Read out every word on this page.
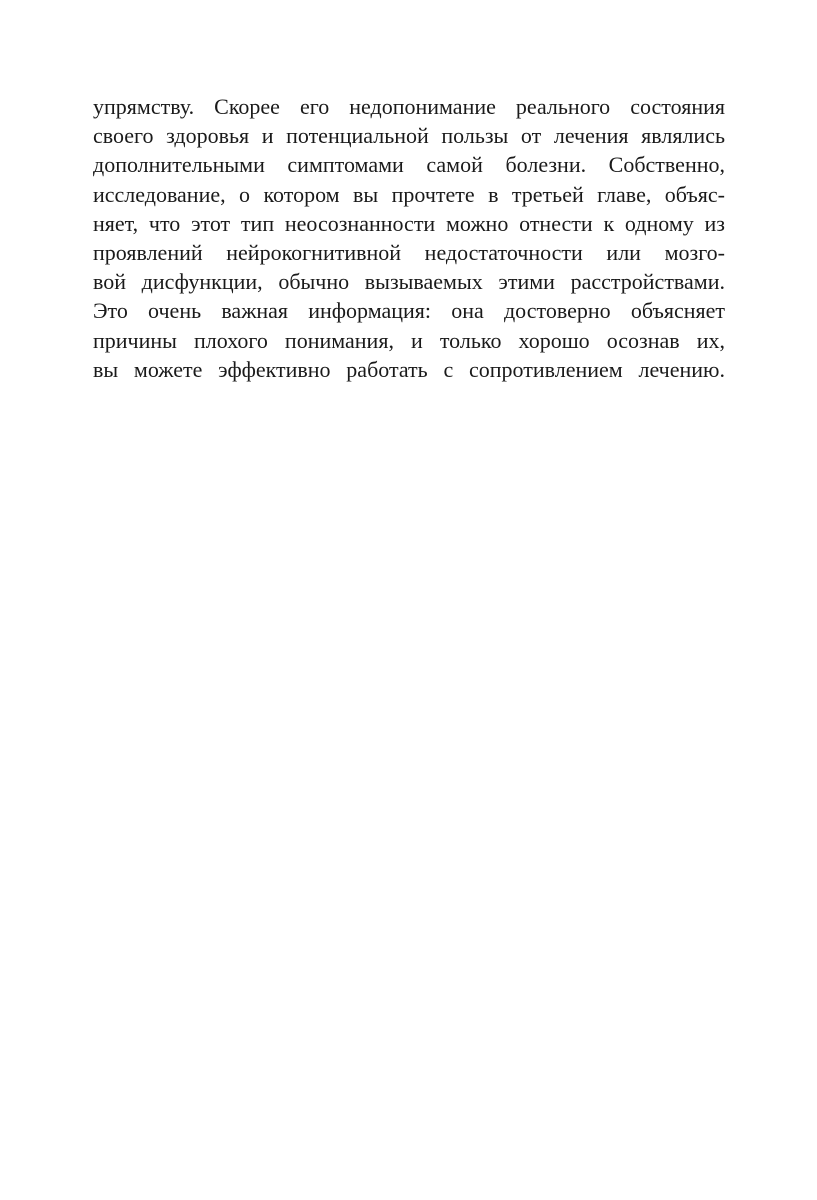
упрямству. Скорее его недопонимание реального состояния
своего здоровья и потенциальной пользы от лечения являлись
дополнительными симптомами самой болезни. Собственно,
исследование, о котором вы прочтете в третьей главе, объяс-
няет, что этот тип неосознанности можно отнести к одному из
проявлений нейрокогнитивной недостаточности или мозго-
вой дисфункции, обычно вызываемых этими расстройствами.
Это очень важная информация: она достоверно объясняет
причины плохого понимания, и только хорошо осознав их,
вы можете эффективно работать с сопротивлением лечению.
